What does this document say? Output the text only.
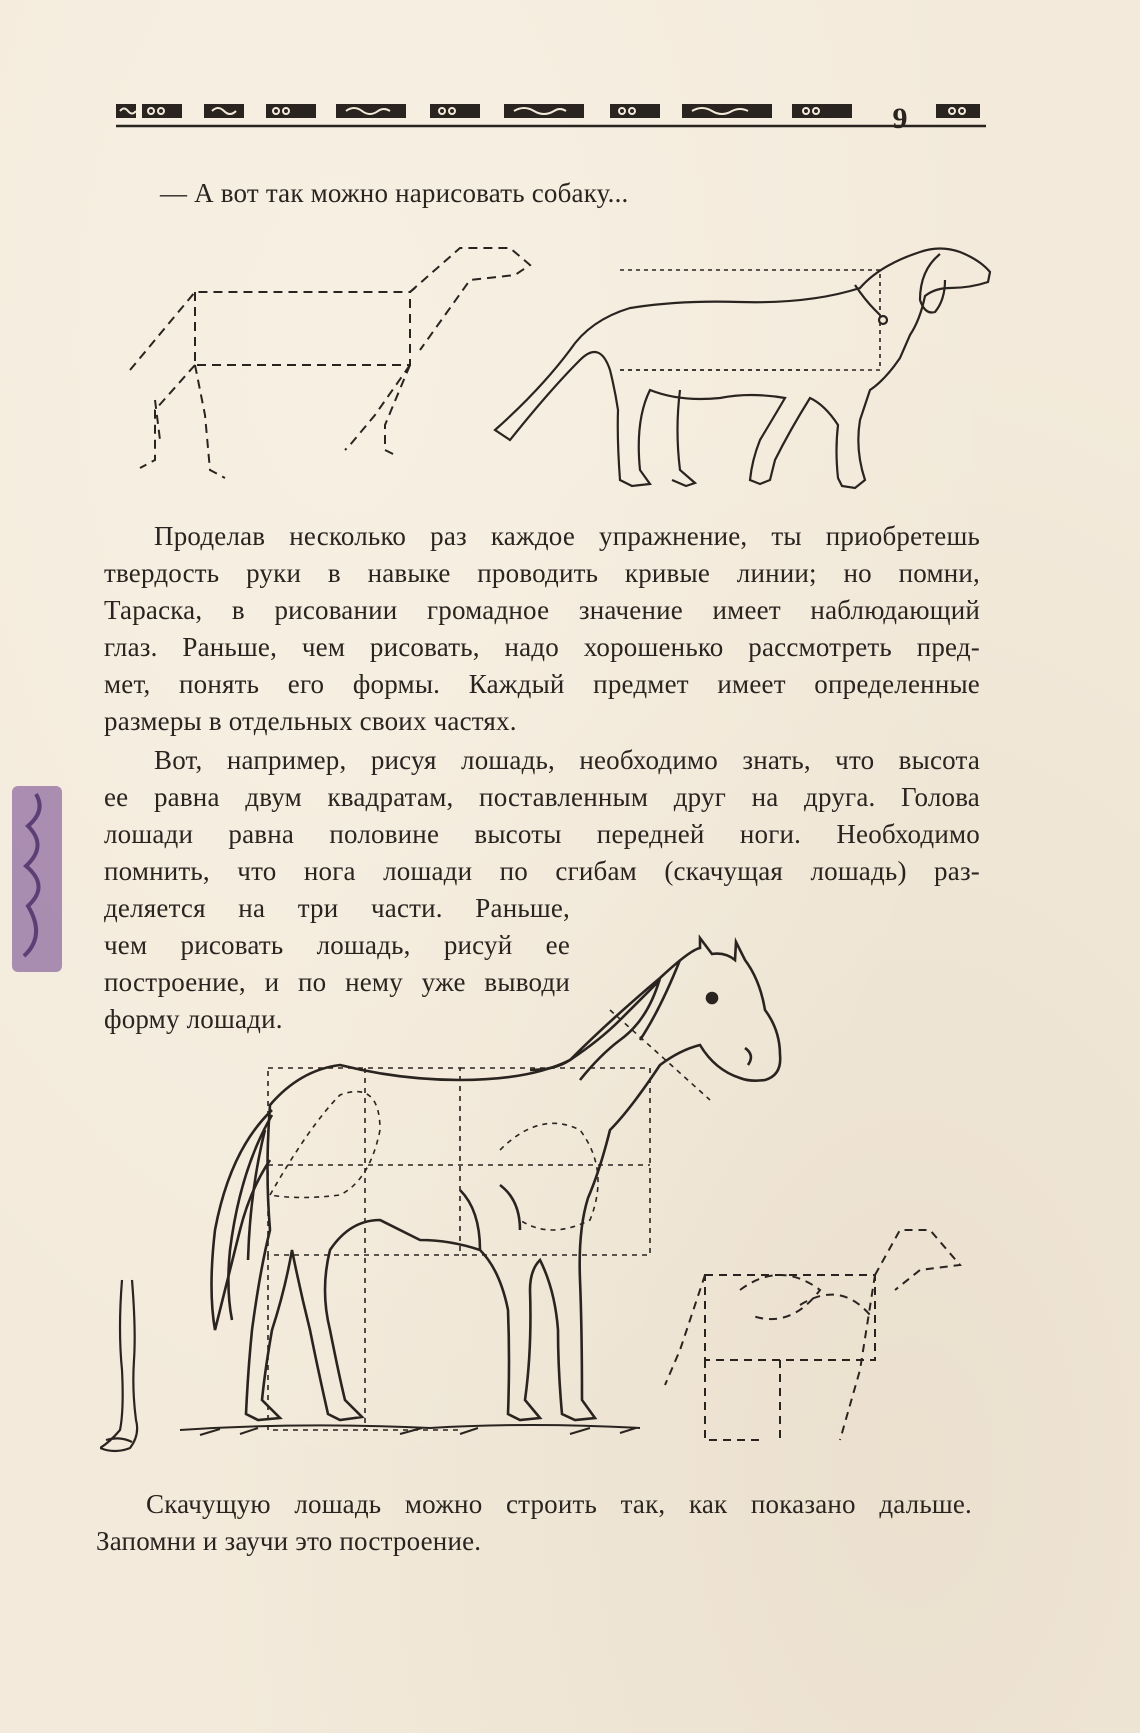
9
— А вот так можно нарисовать собаку...
Проделав несколько раз каждое упражнение, ты приобретешь
твердость руки в навыке проводить кривые линии; но помни,
Тараска, в рисовании громадное значение имеет наблюдающий
глаз. Раньше, чем рисовать, надо хорошенько рассмотреть пред-
мет, понять его формы. Каждый предмет имеет определенные
размеры в отдельных своих частях.
Вот, например, рисуя лошадь, необходимо знать, что высота
ее равна двум квадратам, поставленным друг на друга. Голова
лошади равна половине высоты передней ноги. Необходимо
помнить, что нога лошади по сгибам (скачущая лошадь) раз-
деляется на три части. Раньше,
чем рисовать лошадь, рисуй ее
построение, и по нему уже выводи
форму лошади.
Скачущую лошадь можно строить так, как показано дальше.
Запомни и заучи это построение.
